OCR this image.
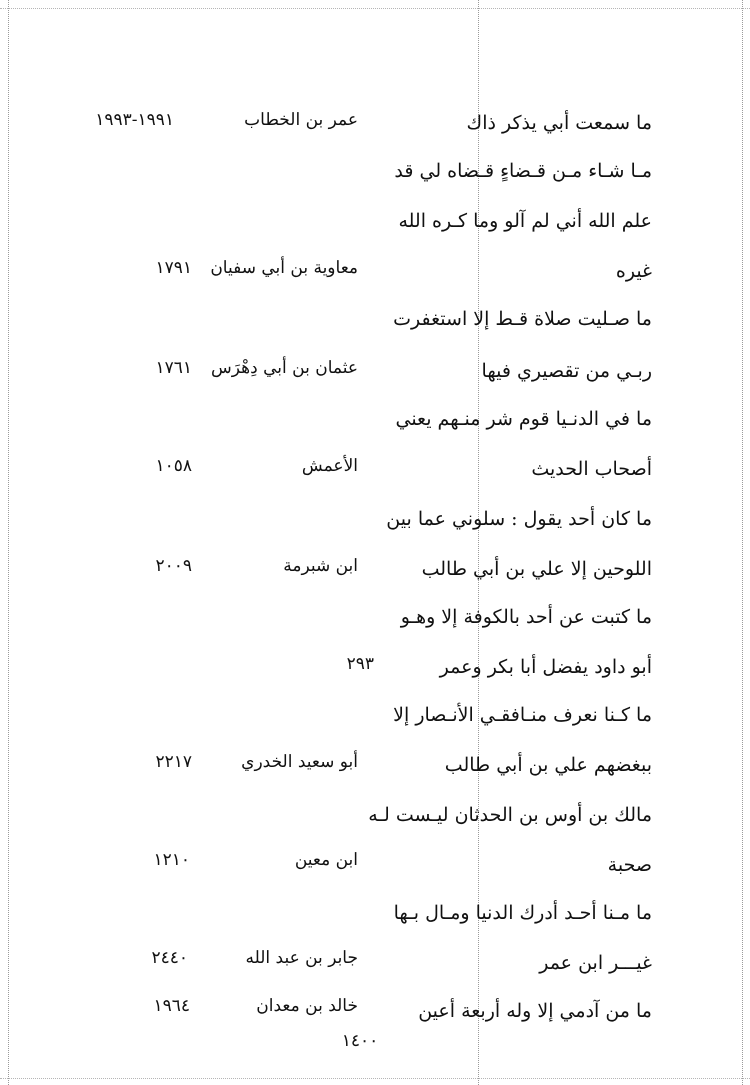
ما سمعت أبي يذكر ذاك
عمر بن الخطاب
١٩٩١-١٩٩٣
مـا شـاء مـن قـضاءٍ قـضاه لي قد
علم الله أني لم آلو وما كـره الله
غيره
معاوية بن أبي سفيان
١٧٩١
ما صـليت صلاة قـط إلا استغفرت
ربـي من تقصيري فيها
عثمان بن أبي دِهْرَس
١٧٦١
ما في الدنـيا قوم شر منـهم يعني
أصحاب الحديث
الأعمش
١٠٥٨
ما كان أحد يقول : سلوني عما بين
اللوحين إلا علي بن أبي طالب
ابن شبرمة
٢٠٠٩
ما كتبت عن أحد بالكوفة إلا وهـو
أبو داود يفضل أبا بكر وعمر
٢٩٣
ما كـنا نعرف منـافقـي الأنـصار إلا
ببغضهم علي بن أبي طالب
أبو سعيد الخدري
٢٢١٧
مالك بن أوس بن الحدثان ليـست لـه
صحبة
ابن معين
١٢١٠
ما مـنا أحـد أدرك الدنيا ومـال بـها
غيـــر ابن عمر
جابر بن عبد الله
٢٤٤٠
ما من آدمي إلا وله أربعة أعين
خالد بن معدان
١٩٦٤
١٤٠٠
